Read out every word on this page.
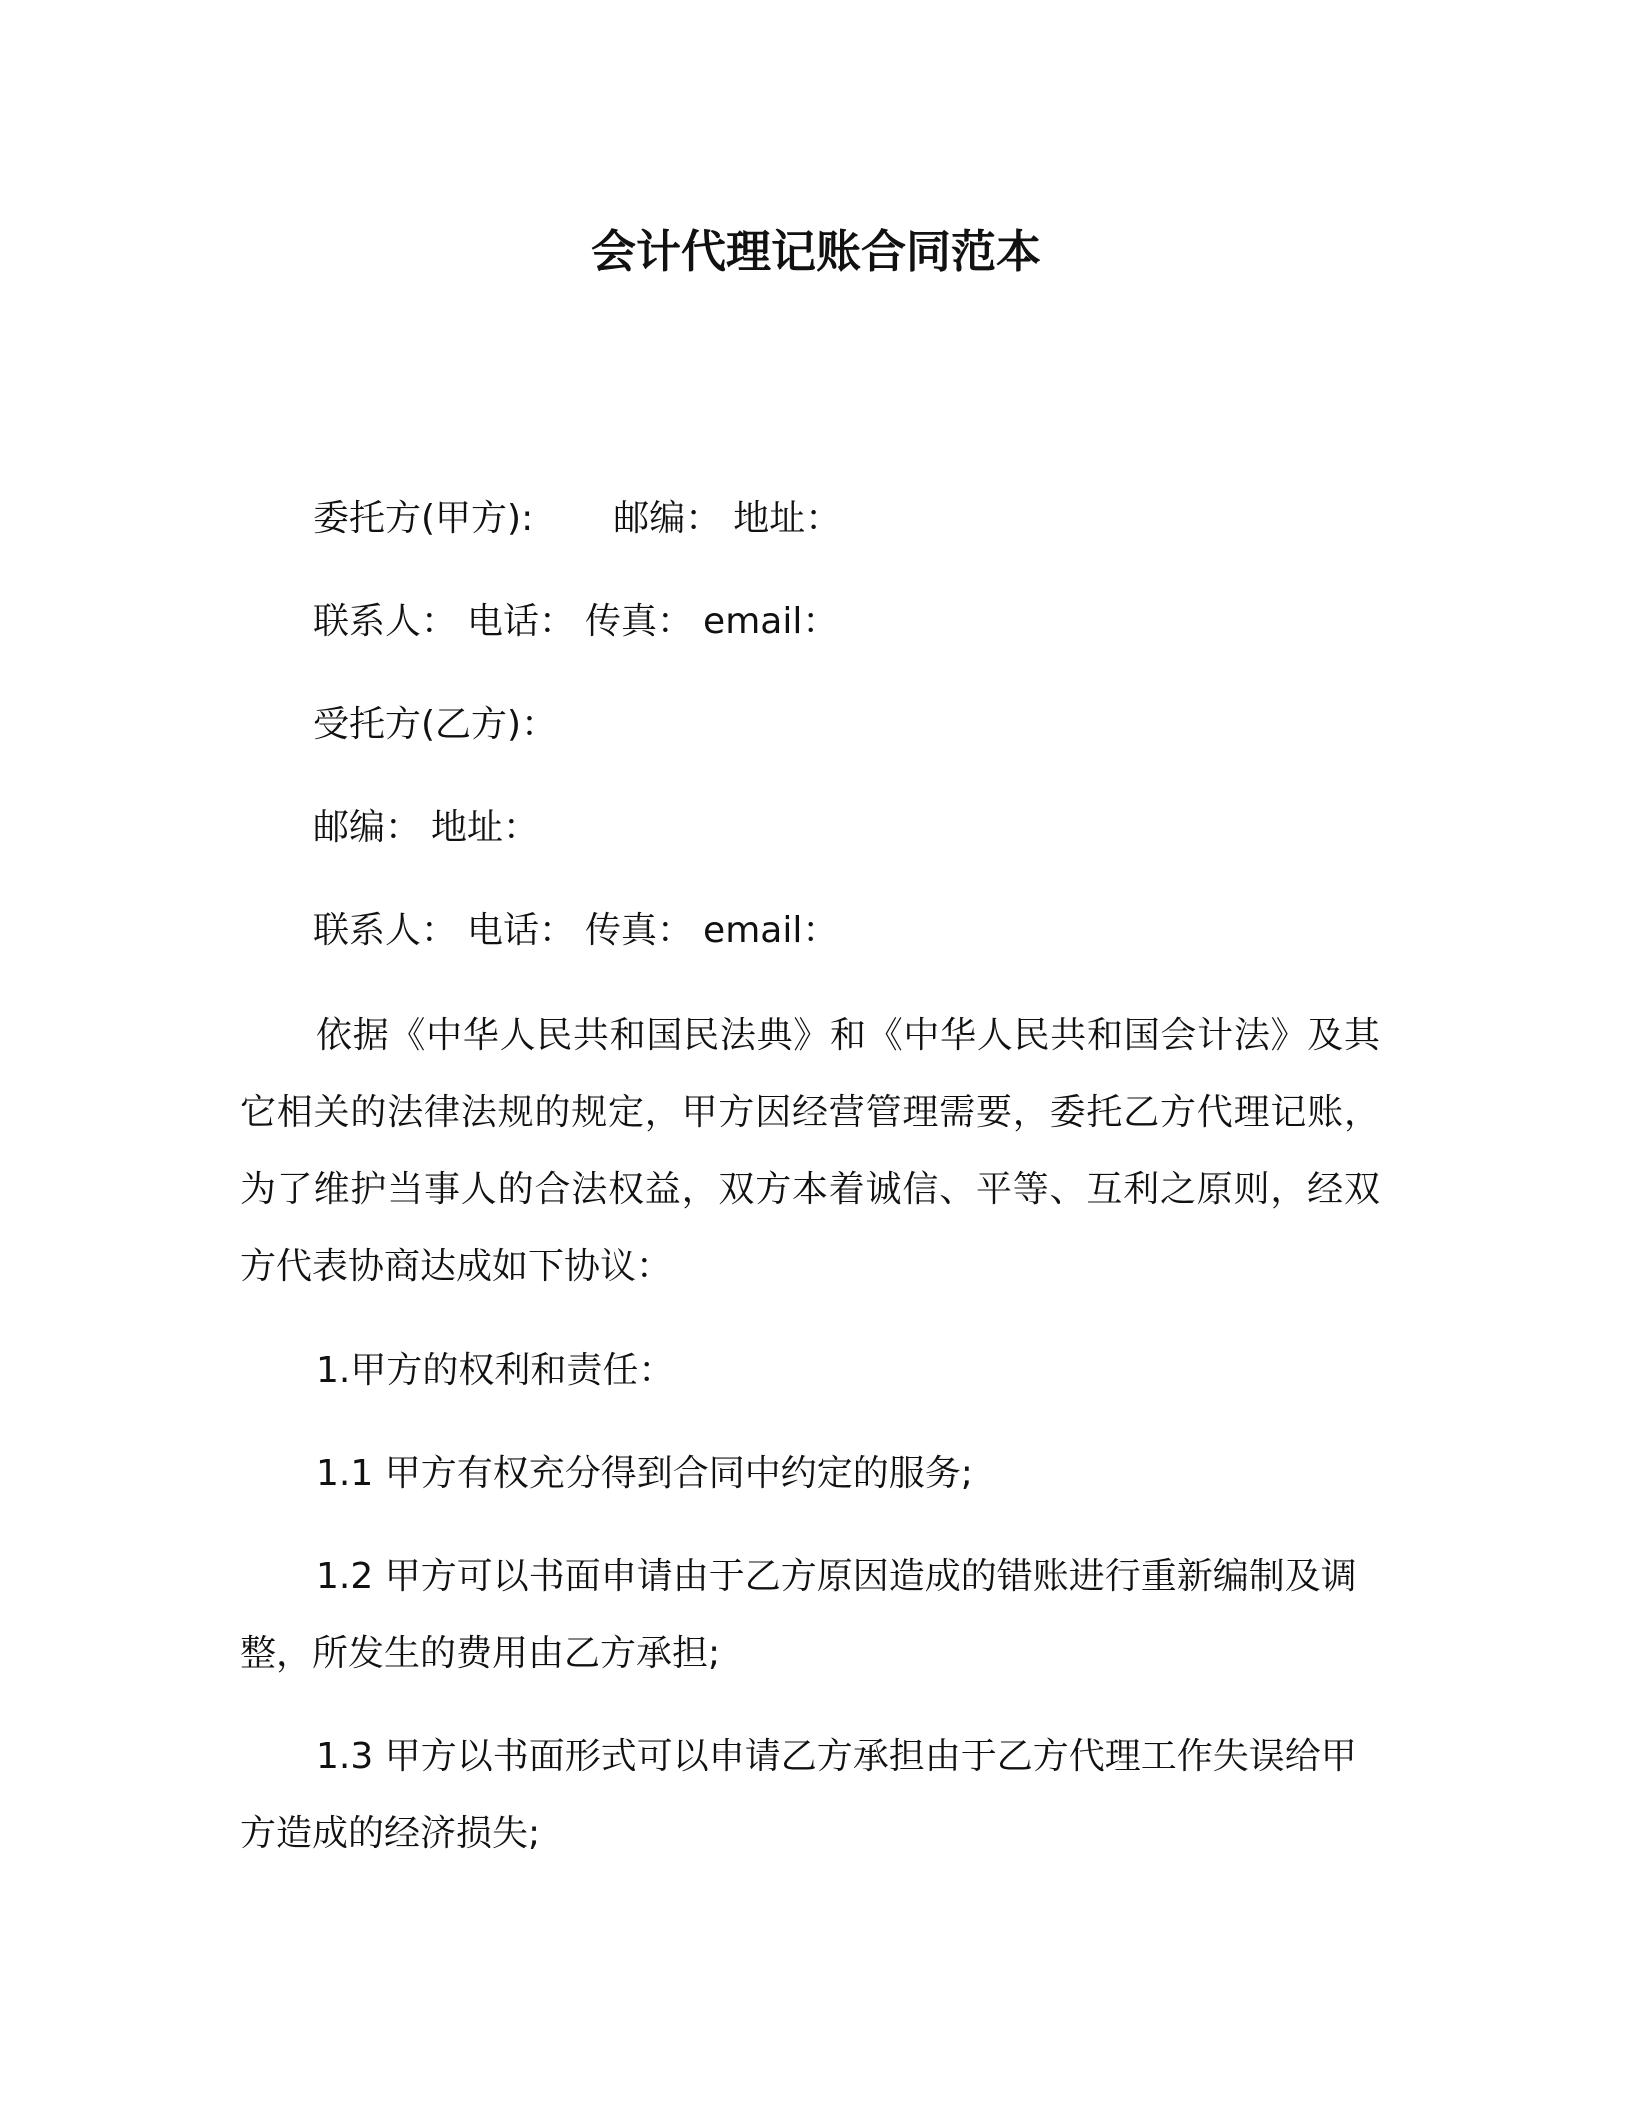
会计代理记账合同范本
委托方(甲方): 邮编： 地址：
联系人： 电话： 传真： email：
受托方(乙方)：
邮编： 地址：
联系人： 电话： 传真： email：
依据《中华人民共和国民法典》和《中华人民共和国会计法》及其它相关的法律法规的规定，甲方因经营管理需要，委托乙方代理记账，为了维护当事人的合法权益，双方本着诚信、平等、互利之原则，经双方代表协商达成如下协议：
1.甲方的权利和责任：
1.1 甲方有权充分得到合同中约定的服务;
1.2 甲方可以书面申请由于乙方原因造成的错账进行重新编制及调整，所发生的费用由乙方承担;
1.3 甲方以书面形式可以申请乙方承担由于乙方代理工作失误给甲方造成的经济损失;
